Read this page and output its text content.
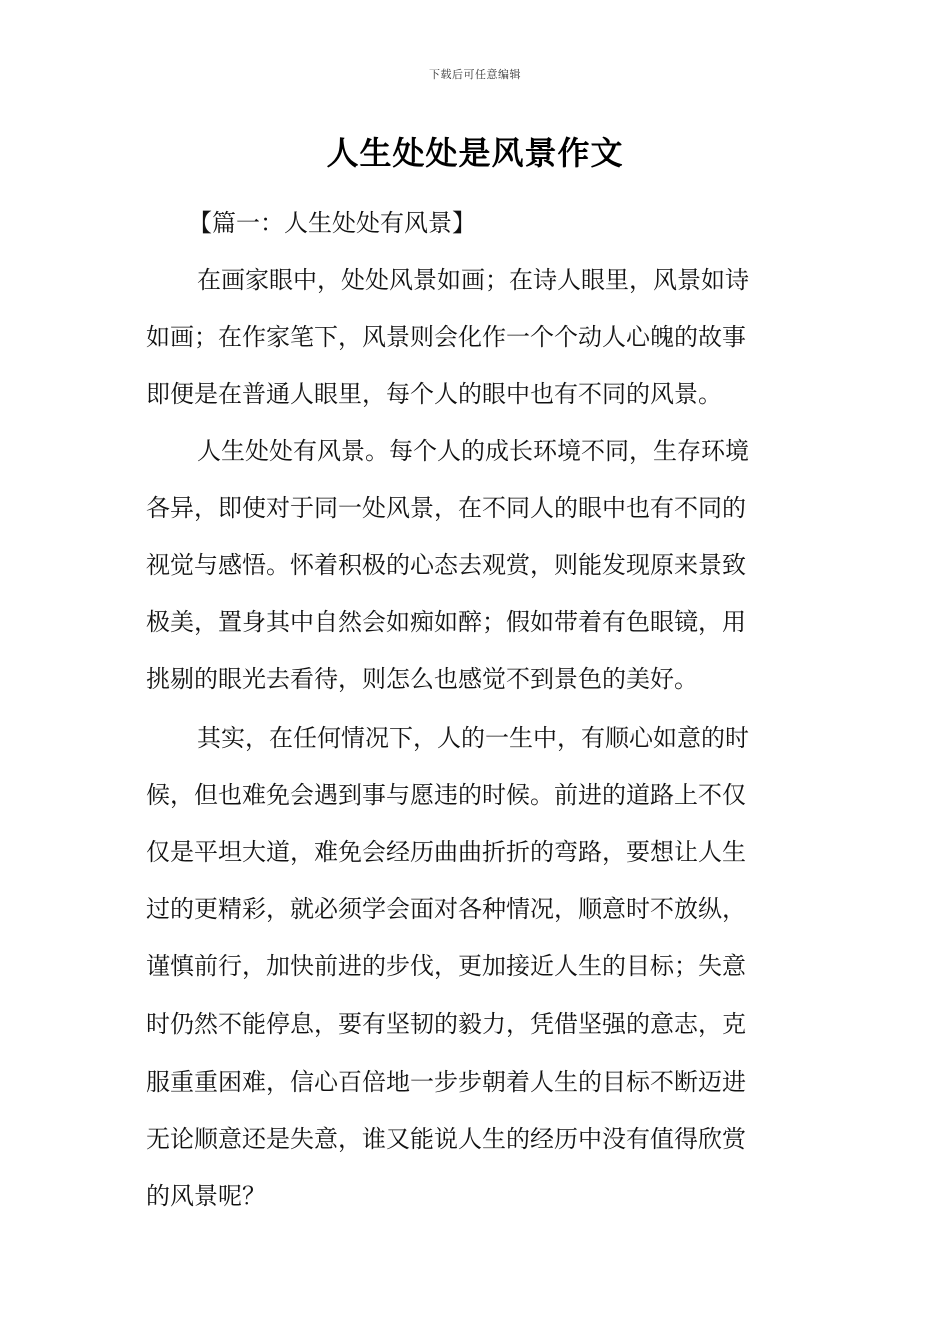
下载后可任意编辑
人生处处是风景作文
【篇一：人生处处有风景】
在画家眼中，处处风景如画；在诗人眼里，风景如诗
如画；在作家笔下，风景则会化作一个个动人心魄的故事
即便是在普通人眼里，每个人的眼中也有不同的风景。
人生处处有风景。每个人的成长环境不同，生存环境
各异，即使对于同一处风景，在不同人的眼中也有不同的
视觉与感悟。怀着积极的心态去观赏，则能发现原来景致
极美，置身其中自然会如痴如醉；假如带着有色眼镜，用
挑剔的眼光去看待，则怎么也感觉不到景色的美好。
其实，在任何情况下，人的一生中，有顺心如意的时
候，但也难免会遇到事与愿违的时候。前进的道路上不仅
仅是平坦大道，难免会经历曲曲折折的弯路，要想让人生
过的更精彩，就必须学会面对各种情况，顺意时不放纵，
谨慎前行，加快前进的步伐，更加接近人生的目标；失意
时仍然不能停息，要有坚韧的毅力，凭借坚强的意志，克
服重重困难，信心百倍地一步步朝着人生的目标不断迈进
无论顺意还是失意，谁又能说人生的经历中没有值得欣赏
的风景呢？
